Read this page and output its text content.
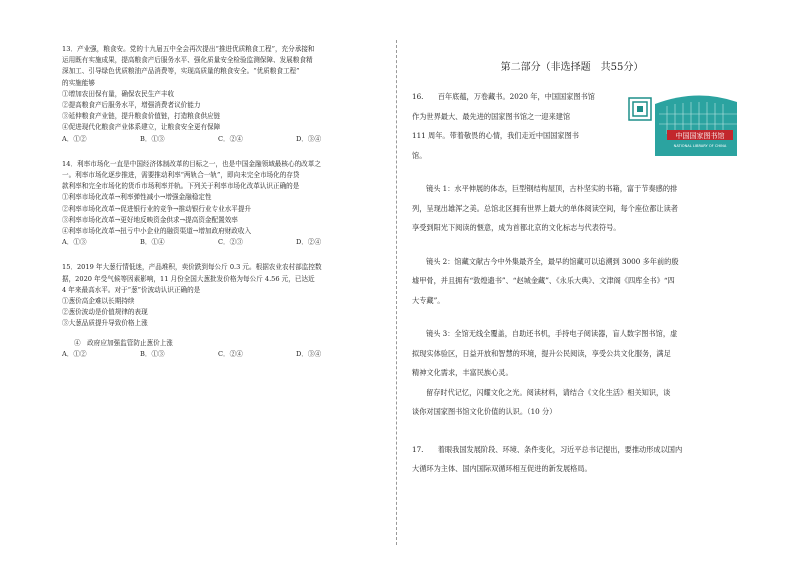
13．产业强，粮食安。党的十九届五中全会再次提出“推进优质粮食工程”，充分承接和

运用既有实施成果，提高粮食产后服务水平、强化质量安全检验监测保障、发展粮食精

深加工、引导绿色优质粮油产品消费等，实现高质量的粮食安全。“优质粮食工程”

的实施能够

①增加农田保有量，确保农民生产丰收

②提高粮食产后服务水平，增强消费者议价能力

③延伸粮食产业链，提升粮食价值链，打造粮食供应链

④促进现代化粮食产业体系建立，让粮食安全更有保障

A．①②	B．①③	C．②④	D．③④

14．利率市场化一直是中国经济体制改革的目标之一，也是中国金融领域最核心的改革之

一。利率市场化逐步推进，需要推动利率“两轨合一轨”，即向未完全市场化的存贷

款利率和完全市场化的货币市场利率并轨。下列关于利率市场化改革认识正确的是

①利率市场化改革→利率弹性减小→增强金融稳定性

②利率市场化改革→促进银行业的竞争→推动银行业专业水平提升

③利率市场化改革→更好地反映资金供求→提高资金配置效率

④利率市场化改革→扭亏中小企业的融资渠道→增加政府财政收入

A．①③	B．①④	C．②③	D．②④

15．2019 年大葱行情低迷，产品堆积，卖价跌到每公斤 0.3 元。根据农业农村部监控数

据，2020 年受气候等因素影响，11 月份全国大葱批发价格为每公斤 4.56 元，已达近

4 年来最高水平。对于“葱”价波动认识正确的是

①葱价高企难以长期持续

②葱价波动是价值规律的表现

③大葱品质提升导致价格上涨

④　政府应加强监管防止葱价上涨

A．①②	B．①③	C．②④	D．③④
第二部分（非选择题　共55分）

16.　　百年底蕴，万卷藏书。2020 年，中国国家图书馆

作为世界最大、最先进的国家图书馆之一迎来建馆

111 周年。带着敬畏的心情，我们走近中国国家图书

馆。

镜头 1：水平伸展的体态，巨型钢结构屋顶，古朴坚实的书箱，富于节奏感的排

列，呈现出雄浑之美。总馆北区拥有世界上最大的单体阅读空间，每个座位都让读者

享受到阳光下阅读的惬意，成为首都北京的文化标志与代表符号。

镜头 2：馆藏文献古今中外集最齐全，最早的馆藏可以追溯到 3000 多年前的殷

墟甲骨，并且拥有“敦煌遗书”、“赵城金藏”、《永乐大典》、文津阁《四库全书》“四

大专藏”。

镜头 3：全馆无线全覆盖，自助还书机，手持电子阅读器，盲人数字图书馆，虚

拟现实体验区，日益开放和智慧的环境，提升公民阅读，享受公共文化服务，满足

精神文化需求，丰富民族心灵。

留存时代记忆，闪耀文化之光。阅读材料，请结合《文化生活》相关知识，谈

谈你对国家图书馆文化价值的认识。（10 分）

17.　　着眼我国发展阶段、环境、条件变化，习近平总书记提出，要推动形成以国内

大循环为主体、国内国际双循环相互促进的新发展格局。

中国国家图书馆
NATIONAL LIBRARY OF CHINA
